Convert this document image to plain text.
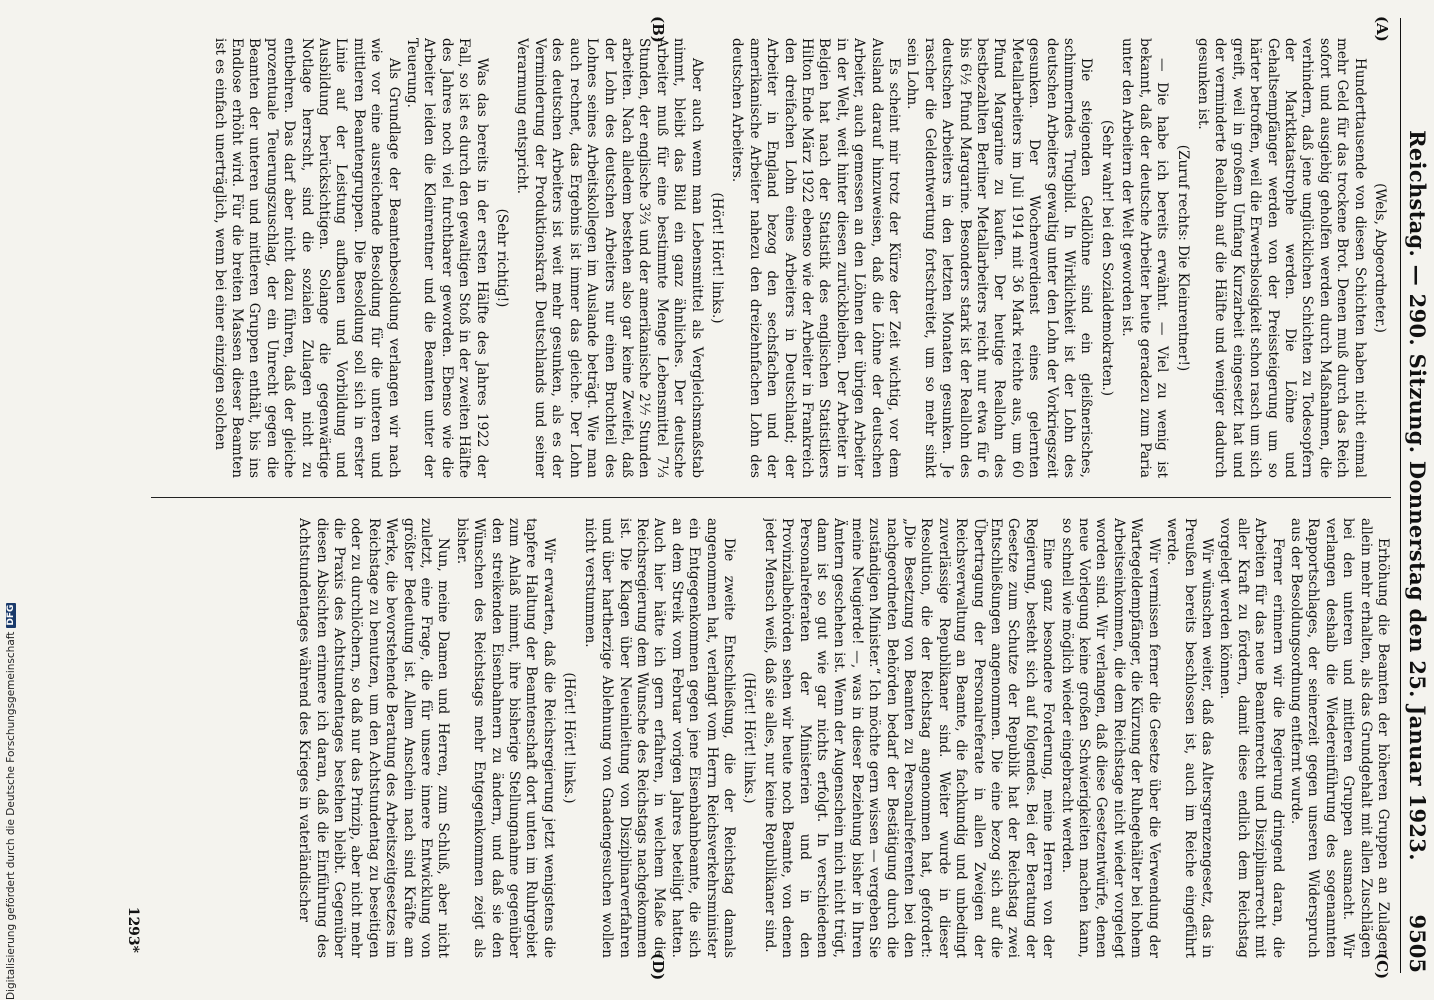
Reichstag. — 290. Sitzung. Donnerstag den 25. Januar 1923.
9505
(A)
(B)
(C)
(D)

(Wels, Abgeordneter.)

Hunderttausende von diesen Schichten haben nicht einmal mehr Geld für das trockene Brot. Denen muß durch das Reich sofort und ausgiebig geholfen werden durch Maßnahmen, die verhindern, daß jene unglücklichen Schichten zu Todesopfern der Marktkatastrophe werden. Die Löhne und Gehaltsempfänger werden von der Preissteigerung um so härter betroffen, weil die Erwerbslosigkeit schon rasch um sich greift, weil in großem Umfang Kurzarbeit eingesetzt hat und der verminderte Reallohn auf die Hälfte und weniger dadurch gesunken ist.

(Zuruf rechts: Die Kleinrentner!)

— Die habe ich bereits erwähnt. — Viel zu wenig ist bekannt, daß der deutsche Arbeiter heute geradezu zum Paria unter den Arbeitern der Welt geworden ist.

(Sehr wahr! bei den Sozialdemokraten.)

Die steigenden Geldlöhne sind ein gleißnerisches, schimmerndes Trugbild. In Wirklichkeit ist der Lohn des deutschen Arbeiters gewaltig unter den Lohn der Vorkriegszeit gesunken. Der Wochenverdienst eines gelernten Metallarbeiters im Juli 1914 mit 36 Mark reichte aus, um 60 Pfund Margarine zu kaufen. Der heutige Reallohn des bestbezahlten Berliner Metallarbeiters reicht nur etwa für 6 bis 6½ Pfund Margarine. Besonders stark ist der Reallohn des deutschen Arbeiters in den letzten Monaten gesunken. Je rascher die Geldentwertung fortschreitet, um so mehr sinkt sein Lohn.

Es scheint mir trotz der Kürze der Zeit wichtig, vor dem Ausland darauf hinzuweisen, daß die Löhne der deutschen Arbeiter, auch gemessen an den Löhnen der übrigen Arbeiter in der Welt, weit hinter diesen zurückbleiben. Der Arbeiter in Belgien hat nach der Statistik des englischen Statistikers Hilton Ende März 1922 ebenso wie der Arbeiter in Frankreich den dreifachen Lohn eines Arbeiters in Deutschland; der Arbeiter in England bezog den sechsfachen und der amerikanische Arbeiter nahezu den dreizehnfachen Lohn des deutschen Arbeiters.

(Hört! Hört! links.)

Aber auch wenn man Lebensmittel als Vergleichsmaßstab nimmt, bleibt das Bild ein ganz ähnliches. Der deutsche Arbeiter muß für eine bestimmte Menge Lebensmittel 7⅓ Stunden, der englische 3⅔ und der amerikanische 2⅐ Stunden arbeiten. Nach alledem bestehen also gar keine Zweifel, daß der Lohn des deutschen Arbeiters nur einen Bruchteil des Lohnes seines Arbeitskollegen im Auslande beträgt. Wie man auch rechnet, das Ergebnis ist immer das gleiche. Der Lohn des deutschen Arbeiters ist weit mehr gesunken, als es der Verminderung der Produktionskraft Deutschlands und seiner Verarmung entspricht.

(Sehr richtig!)

Was das bereits in der ersten Hälfte des Jahres 1922 der Fall, so ist es durch den gewaltigen Stoß in der zweiten Hälfte des Jahres noch viel furchtbarer geworden. Ebenso wie die Arbeiter leiden die Kleinrentner und die Beamten unter der Teuerung.

Als Grundlage der Beamtenbesoldung verlangen wir nach wie vor eine ausreichende Besoldung für die unteren und mittleren Beamtengruppen. Die Besoldung soll sich in erster Linie auf der Leistung aufbauen und Vorbildung und Ausbildung berücksichtigen. Solange die gegenwärtige Notlage herrscht, sind die sozialen Zulagen nicht zu entbehren. Das darf aber nicht dazu führen, daß der gleiche prozentuale Teuerungszuschlag, der ein Unrecht gegen die Beamten der unteren und mittleren Gruppen enthält, bis ins Endlose erhöht wird. Für die breiten Massen dieser Beamten ist es einfach unerträglich, wenn bei einer einzigen solchen

Erhöhung die Beamten der höheren Gruppen an Zulagen allein mehr erhalten, als das Grundgehalt mit allen Zuschlägen bei den unteren und mittleren Gruppen ausmacht. Wir verlangen deshalb die Wiedereinführung des sogenannten Rapportschlages, der seinerzeit gegen unseren Widerspruch aus der Besoldungsordnung entfernt wurde.

Ferner erinnern wir die Regierung dringend daran, die Arbeiten für das neue Beamtenrecht und Disziplinarrecht mit aller Kraft zu fördern, damit diese endlich dem Reichstag vorgelegt werden können.

Wir wünschen weiter, daß das Altersgrenzengesetz, das in Preußen bereits beschlossen ist, auch im Reiche eingeführt werde.

Wir vermissen ferner die Gesetze über die Verwendung der Wartegeldempfänger, die Kürzung der Ruhegehälter bei hohem Arbeitseinkommen, die dem Reichstage nicht wieder vorgelegt worden sind. Wir verlangen, daß diese Gesetzentwürfe, denen neue Vorlegung keine großen Schwierigkeiten machen kann, so schnell wie möglich wieder eingebracht werden.

Eine ganz besondere Forderung, meine Herren von der Regierung, besteht sich auf folgendes. Bei der Beratung der Gesetze zum Schutze der Republik hat der Reichstag zwei Entschließungen angenommen. Die eine bezog sich auf die Übertragung der Personalreferate in allen Zweigen der Reichsverwaltung an Beamte, die fachkundig und unbedingt zuverlässige Republikaner sind. Weiter wurde in dieser Resolution, die der Reichstag angenommen hat, gefordert: „Die Besetzung von Beamten zu Personalreferenten bei den nachgeordneten Behörden bedarf der Bestätigung durch die zuständigen Minister.“ Ich möchte gern wissen — vergeben Sie meine Neugierde! —, was in dieser Beziehung bisher in Ihren Ämtern geschehen ist. Wenn der Augenschein mich nicht trügt, dann ist so gut wie gar nichts erfolgt. In verschiedenen Personalreferaten der Ministerien und in den Provinzialbehörden sehen wir heute noch Beamte, von denen jeder Mensch weiß, daß sie alles, nur keine Republikaner sind.

(Hört! Hört! links.)

Die zweite Entschließung, die der Reichstag damals angenommen hat, verlangt vom Herrn Reichsverkehrsminister ein Entgegenkommen gegen jene Eisenbahnbeamte, die sich an dem Streik vom Februar vorigen Jahres beteiligt hatten. Auch hier hätte ich gern erfahren, in welchem Maße die Reichsregierung dem Wunsche des Reichstags nachgekommen ist. Die Klagen über Neueinleitung von Disziplinarverfahren und über hartherzige Ablehnung von Gnadengesuchen wollen nicht verstummen.

(Hört! Hört! links.)

Wir erwarten, daß die Reichsregierung jetzt wenigstens die tapfere Haltung der Beamtenschaft dort unten im Ruhrgebiet zum Anlaß nimmt, ihre bisherige Stellungnahme gegenüber den streikenden Eisenbahnern zu ändern, und daß sie den Wünschen des Reichstags mehr Entgegenkommen zeigt als bisher.

Nun, meine Damen und Herren, zum Schluß, aber nicht zuletzt, eine Frage, die für unsere innere Entwicklung von größter Bedeutung ist. Allem Anschein nach sind Kräfte am Werke, die bevorstehende Beratung des Arbeitszeitgesetzes im Reichstage zu benutzen, um den Achtstundentag zu beseitigen oder zu durchlöchern, so daß nur das Prinzip, aber nicht mehr die Praxis des Achtstundentages bestehen bleibt. Gegenüber diesen Absichten erinnere ich daran, daß die Einführung des Achtstundentages während des Krieges in vaterländischer

1293*
Digitalisierung gefördert durch die Deutsche Forschungsgemeinschaft
DFG
